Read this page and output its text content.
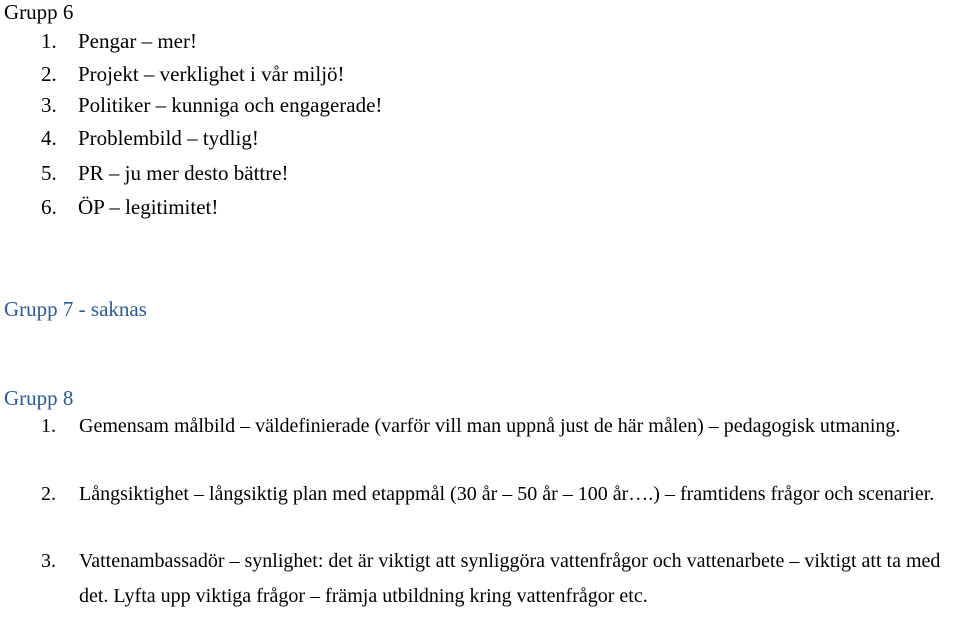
Grupp 6
1. Pengar – mer!
2. Projekt – verklighet i vår miljö!
3. Politiker – kunniga och engagerade!
4. Problembild – tydlig!
5. PR – ju mer desto bättre!
6. ÖP – legitimitet!
Grupp 7 - saknas
Grupp 8
1.	Gemensam målbild – väldefinierade (varför vill man uppnå just de här målen) – pedagogisk utmaning.
2.	Långsiktighet – långsiktig plan med etappmål (30 år – 50 år – 100 år….) – framtidens frågor och scenarier.
3.	Vattenambassadör – synlighet: det är viktigt att synliggöra vattenfrågor och vattenarbete – viktigt att ta med det. Lyfta upp viktiga frågor – främja utbildning kring vattenfrågor etc.
